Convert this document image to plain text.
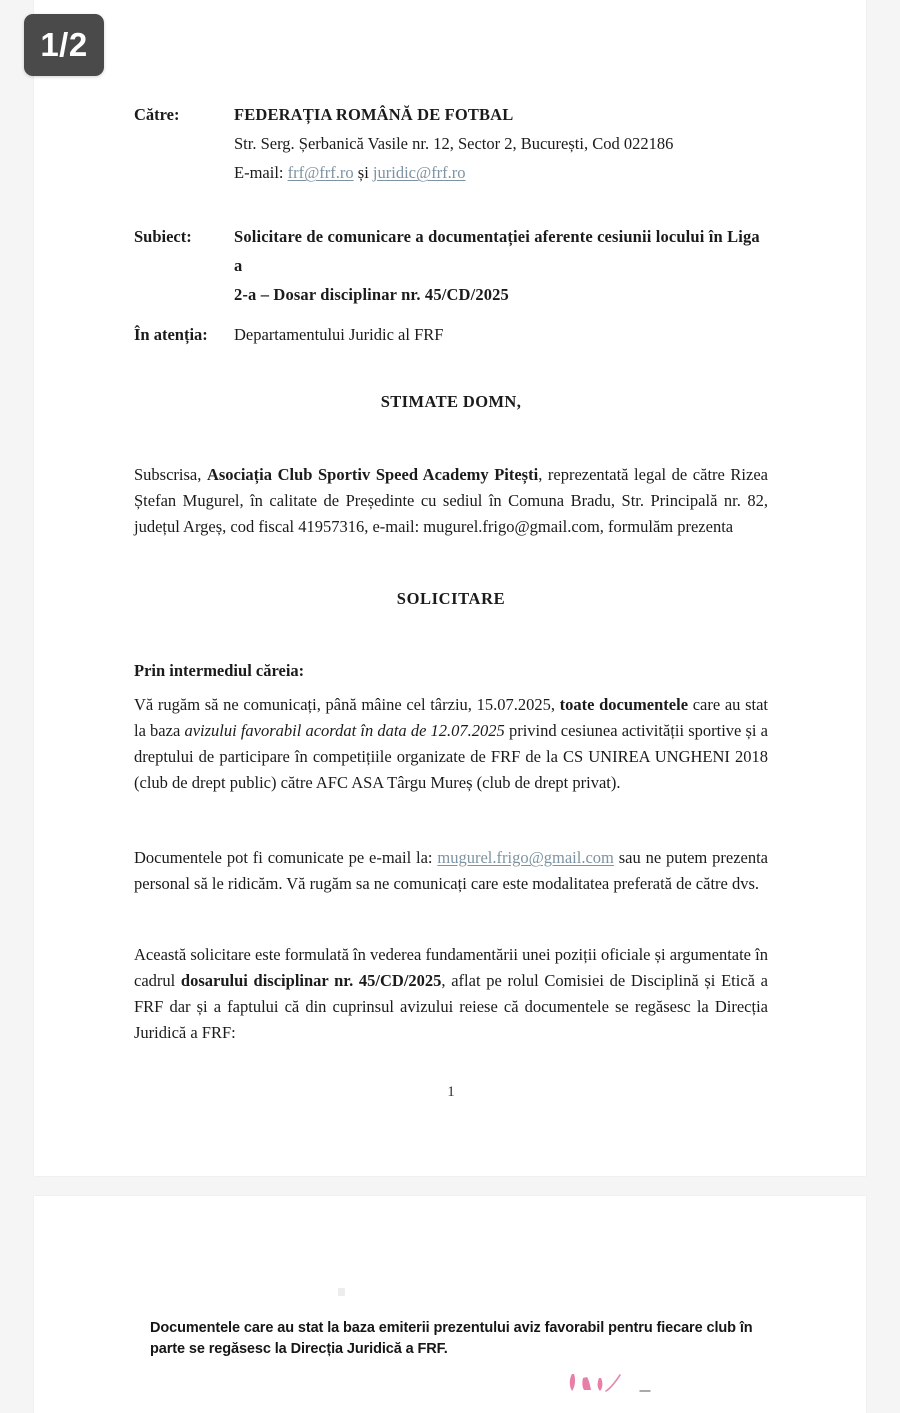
Către:	FEDERAȚIA ROMÂNĂ DE FOTBAL
Str. Serg. Șerbanică Vasile nr. 12, Sector 2, București, Cod 022186
E-mail: frf@frf.ro și juridic@frf.ro
Subiect:	Solicitare de comunicare a documentației aferente cesiunii locului în Liga a
2-a – Dosar disciplinar nr. 45/CD/2025
În atenția:	Departamentului Juridic al FRF
STIMATE DOMN,
Subscrisa, Asociația Club Sportiv Speed Academy Pitești, reprezentată legal de către Rizea Ștefan Mugurel, în calitate de Președinte cu sediul în Comuna Bradu, Str. Principală nr. 82, județul Argeș, cod fiscal 41957316, e-mail: mugurel.frigo@gmail.com, formulăm prezenta
SOLICITARE
Prin intermediul căreia:
Vă rugăm să ne comunicați, până mâine cel târziu, 15.07.2025, toate documentele care au stat la baza avizului favorabil acordat în data de 12.07.2025 privind cesiunea activității sportive și a dreptului de participare în competițiile organizate de FRF de la CS UNIREA UNGHENI 2018 (club de drept public) către AFC ASA Târgu Mureș (club de drept privat).
Documentele pot fi comunicate pe e-mail la: mugurel.frigo@gmail.com sau ne putem prezenta personal să le ridicăm. Vă rugăm sa ne comunicați care este modalitatea preferată de către dvs.
Această solicitare este formulată în vederea fundamentării unei poziții oficiale și argumentate în cadrul dosarului disciplinar nr. 45/CD/2025, aflat pe rolul Comisiei de Disciplină și Etică a FRF dar și a faptului că din cuprinsul avizului reiese că documentele se regăsesc la Direcția Juridică a FRF:
1
Documentele care au stat la baza emiterii prezentului aviz favorabil pentru fiecare club în parte se regăsesc la Direcția Juridică a FRF.
1/2
